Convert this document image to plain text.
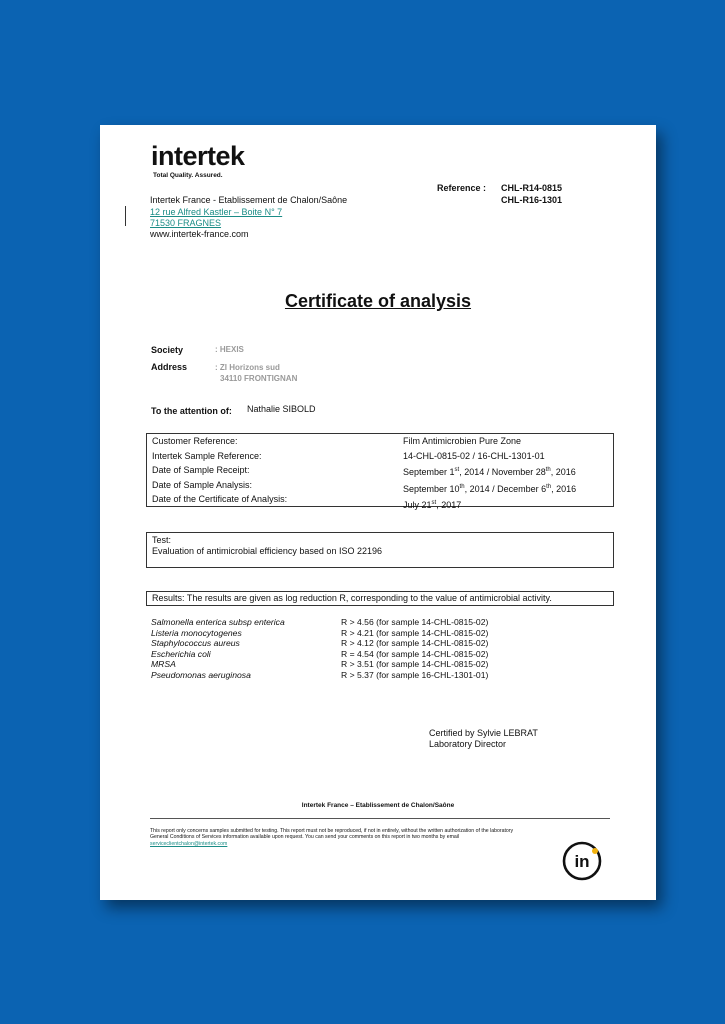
intertek
Total Quality. Assured.
Reference : CHL-R14-0815
CHL-R16-1301
Intertek France - Etablissement de Chalon/Saône
12 rue Alfred Kastler – Boite N° 7
71530 FRAGNES
www.intertek-france.com
Certificate of analysis
Society	: HEXIS
Address	: ZI Horizons sud
34110 FRONTIGNAN
To the attention of: Nathalie SIBOLD
Customer Reference:
Intertek Sample Reference:
Date of Sample Receipt:
Date of Sample Analysis:
Date of the Certificate of Analysis:
Film Antimicrobien Pure Zone
14-CHL-0815-02 / 16-CHL-1301-01
September 1st, 2014 / November 28th, 2016
September 10th, 2014 / December 6th, 2016
July 21st, 2017
Test:
Evaluation of antimicrobial efficiency based on ISO 22196
Results: The results are given as log reduction R, corresponding to the value of antimicrobial activity.
Salmonella enterica subsp enterica
Listeria monocytogenes
Staphylococcus aureus
Escherichia coli
MRSA
Pseudomonas aeruginosa
R > 4.56 (for sample 14-CHL-0815-02)
R > 4.21 (for sample 14-CHL-0815-02)
R > 4.12 (for sample 14-CHL-0815-02)
R = 4.54 (for sample 14-CHL-0815-02)
R > 3.51 (for sample 14-CHL-0815-02)
R > 5.37 (for sample 16-CHL-1301-01)
Certified by Sylvie LEBRAT
Laboratory Director
Intertek France – Etablissement de Chalon/Saône
This report only concerns samples submitted for testing. This report must not be reproduced, if not in entirely, without the written authorization of the laboratory
General Conditions of Services information available upon request. You can send your comments on this report in two months by email
serviceclientchalon@intertek.com
in
